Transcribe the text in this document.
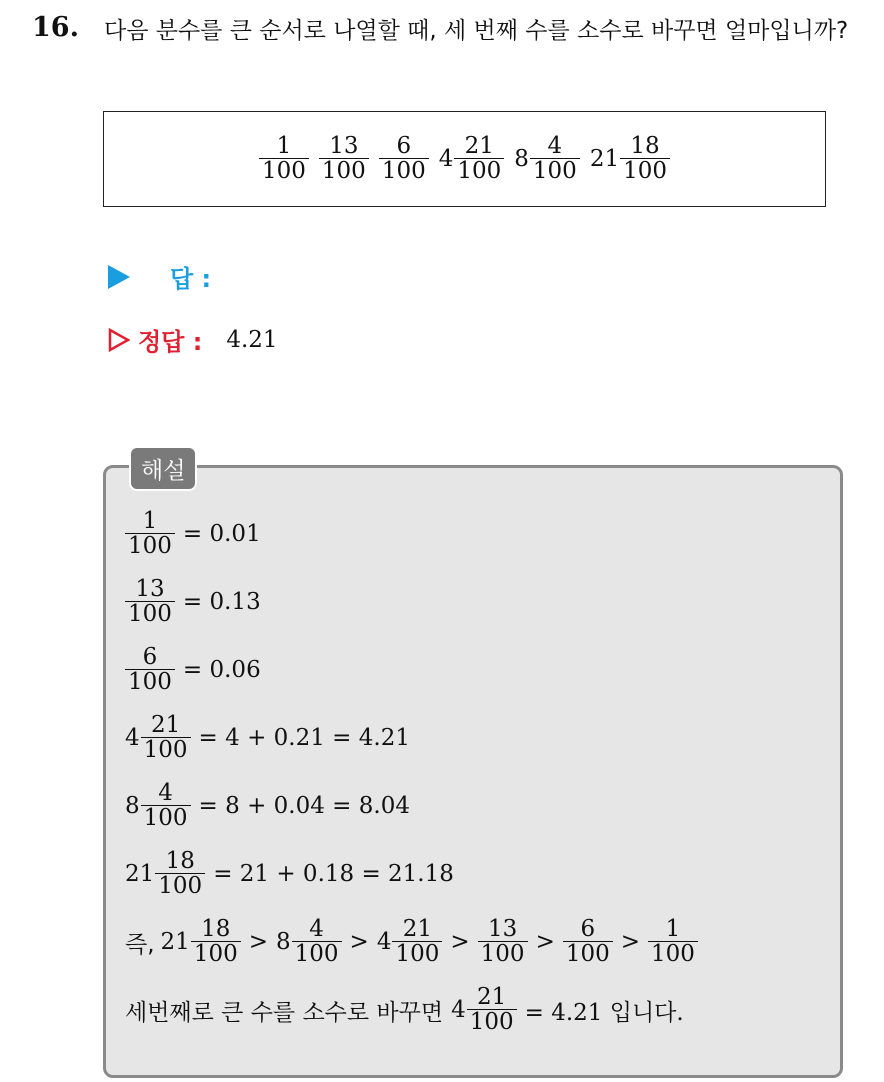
16. 다음 분수를 큰 순서로 나열할 때, 세 번째 수를 소수로 바꾸면 얼마입니까?
$\frac{1}{100} \frac{13}{100} \frac{6}{100} 4 \frac{21}{100} 8 \frac{4}{100} 21 \frac{18}{100}$
답 :
정답 : 4.21
해설
$\frac{1}{100} = 0.01$
$\frac{13}{100} = 0.13$
$\frac{6}{100} = 0.06$
$4 \frac{21}{100} = 4 + 0.21 = 4.21$
$8 \frac{4}{100} = 8 + 0.04 = 8.04$
$21 \frac{18}{100} = 21 + 0.18 = 21.18$
즉, $21 \frac{18}{100} > 8 \frac{4}{100} > 4 \frac{21}{100} > \frac{13}{100} > \frac{6}{100} > \frac{1}{100}$
세번째로 큰 수를 소수로 바꾸면 $4 \frac{21}{100} = 4.21$ 입니다.
